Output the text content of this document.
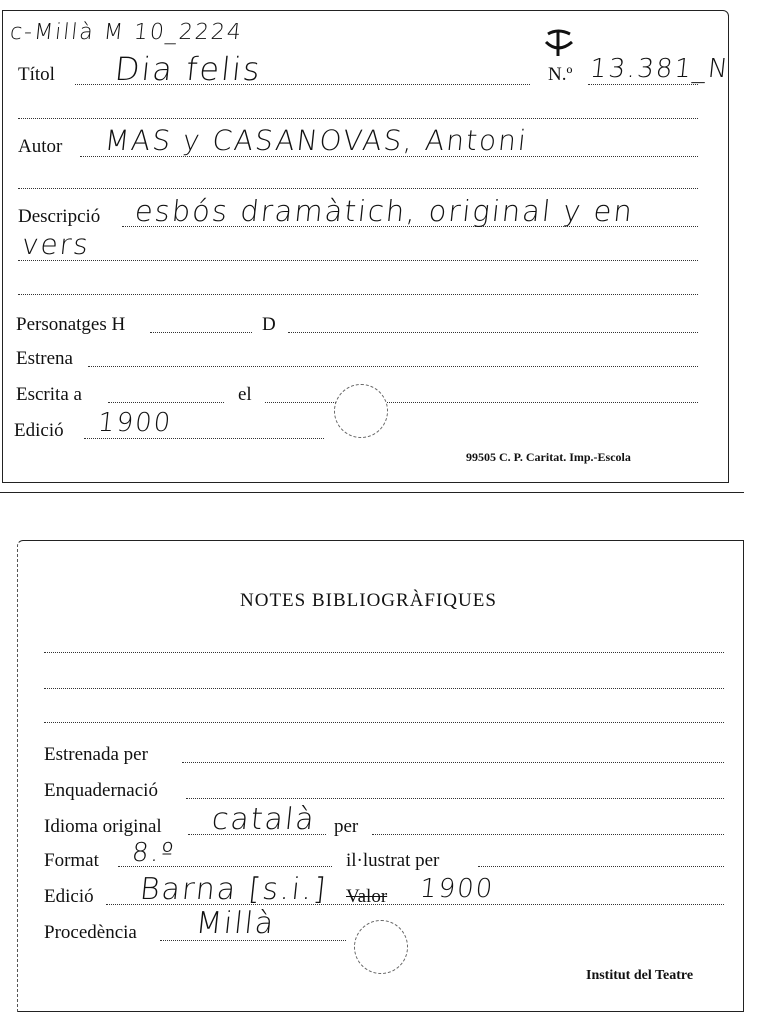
c-Millà M 10_2224
Títol Dia felis	N.º 13.381_N
Autor MAS y CASANOVAS, Antoni
Descripció esbós dramàtich, original y en
vers
Personatges H	D
Estrena
Escrita a	el
Edició 1900
99505 C. P. Caritat. Imp.-Escola
NOTES BIBLIOGRÀFIQUES
Estrenada per
Enquadernació
Idioma original català per
Format 8.º	il·lustrat per
Edició Barna [s.i.] Valor 1900
Procedència Millà
Institut del Teatre
